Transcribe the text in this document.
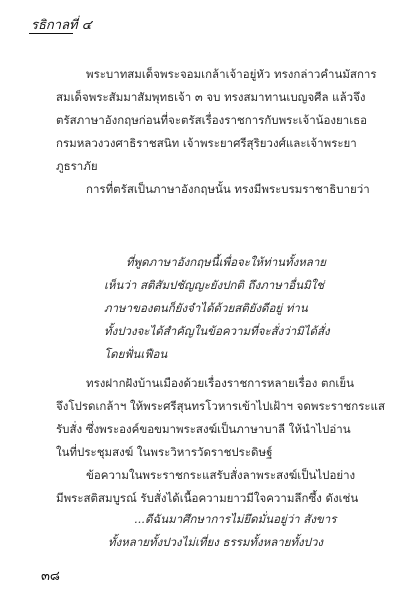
รธิกาลที่ ๔
พระบาทสมเด็จพระจอมเกล้าเจ้าอยู่หัว ทรงกล่าวคำนมัสการ
สมเด็จพระสัมมาสัมพุทธเจ้า ๓ จบ ทรงสมาทานเบญจศีล แล้วจึง
ตรัสภาษาอังกฤษก่อนที่จะตรัสเรื่องราชการกับพระเจ้าน้องยาเธอ
กรมหลวงวงศาธิราชสนิท เจ้าพระยาศรีสุริยวงศ์และเจ้าพระยา
ภูธราภัย
การที่ตรัสเป็นภาษาอังกฤษนั้น ทรงมีพระบรมราชาธิบายว่า
ที่พูดภาษาอังกฤษนี้เพื่อจะให้ท่านทั้งหลาย
เห็นว่า สติสัมปชัญญะยังปกติ ถึงภาษาอื่นมิใช่
ภาษาของตนก็ยังจำได้ด้วยสติยังดีอยู่ ท่าน
ทั้งปวงจะได้สำคัญในข้อความที่จะสั่งว่ามิได้สั่ง
โดยฟั่นเฟือน
ทรงฝากฝังบ้านเมืองด้วยเรื่องราชการหลายเรื่อง ตกเย็น
จึงโปรดเกล้าฯ ให้พระศรีสุนทรโวหารเข้าไปเฝ้าฯ จดพระราชกระแส
รับสั่ง ซึ่งพระองค์ขอขมาพระสงฆ์เป็นภาษาบาลี ให้นำไปอ่าน
ในที่ประชุมสงฆ์ ในพระวิหารวัดราชประดิษฐ์
ข้อความในพระราชกระแสรับสั่งลาพระสงฆ์เป็นไปอย่าง
มีพระสติสมบูรณ์ รับสั่งได้เนื้อความยาวมีใจความลึกซึ้ง ดังเช่น
...ดีฉันมาศึกษาการไม่ยึดมั่นอยู่ว่า สังขาร
ทั้งหลายทั้งปวงไม่เที่ยง ธรรมทั้งหลายทั้งปวง
๓๘
